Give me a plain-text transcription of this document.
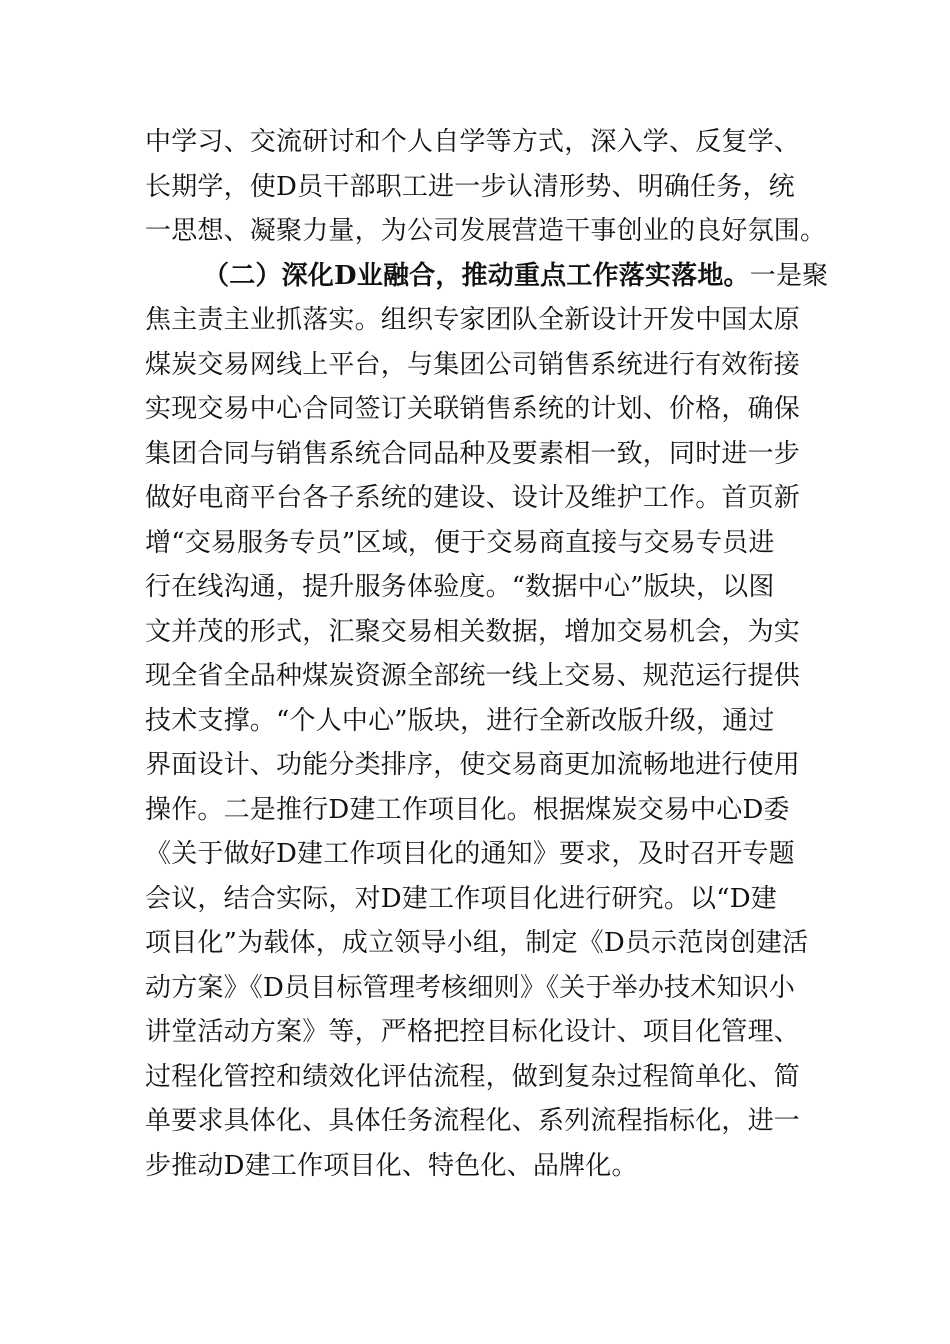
中学习、交流研讨和个人自学等方式，深入学、反复学、
长期学，使D员干部职工进一步认清形势、明确任务，统
一思想、凝聚力量，为公司发展营造干事创业的良好氛围。
（二）深化D业融合，推动重点工作落实落地。一是聚
焦主责主业抓落实。组织专家团队全新设计开发中国太原
煤炭交易网线上平台，与集团公司销售系统进行有效衔接
实现交易中心合同签订关联销售系统的计划、价格，确保
集团合同与销售系统合同品种及要素相一致，同时进一步
做好电商平台各子系统的建设、设计及维护工作。首页新
增“交易服务专员”区域，便于交易商直接与交易专员进
行在线沟通，提升服务体验度。“数据中心”版块，以图
文并茂的形式，汇聚交易相关数据，增加交易机会，为实
现全省全品种煤炭资源全部统一线上交易、规范运行提供
技术支撑。“个人中心”版块，进行全新改版升级，通过
界面设计、功能分类排序，使交易商更加流畅地进行使用
操作。二是推行D建工作项目化。根据煤炭交易中心D委
《关于做好D建工作项目化的通知》要求，及时召开专题
会议，结合实际，对D建工作项目化进行研究。以“D建
项目化”为载体，成立领导小组，制定《D员示范岗创建活
动方案》《D员目标管理考核细则》《关于举办技术知识小
讲堂活动方案》等，严格把控目标化设计、项目化管理、
过程化管控和绩效化评估流程，做到复杂过程简单化、简
单要求具体化、具体任务流程化、系列流程指标化，进一
步推动D建工作项目化、特色化、品牌化。
